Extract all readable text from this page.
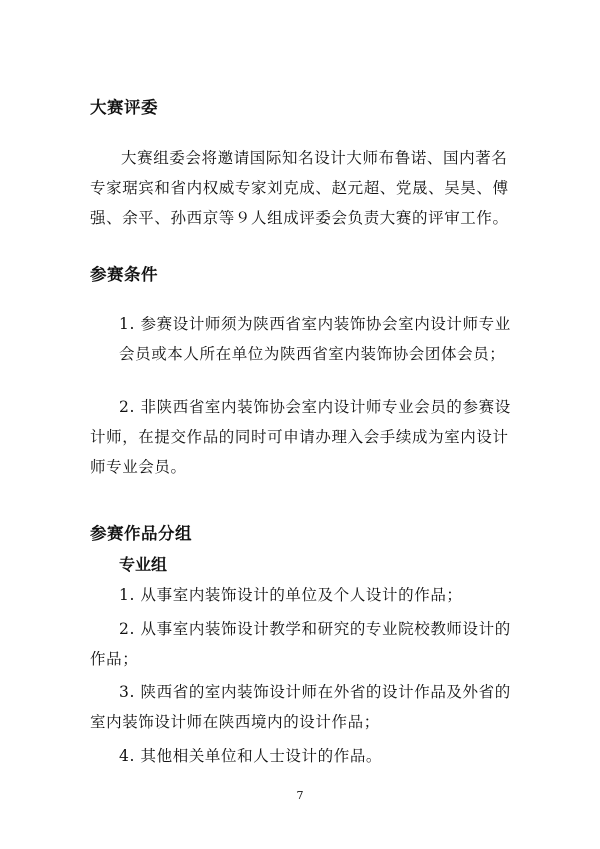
大赛评委

大赛组委会将邀请国际知名设计大师布鲁诺、国内著名专家琚宾和省内权威专家刘克成、赵元超、党晟、吴昊、傅强、余平、孙西京等９人组成评委会负责大赛的评审工作。

参赛条件

1. 参赛设计师须为陕西省室内装饰协会室内设计师专业会员或本人所在单位为陕西省室内装饰协会团体会员；

2. 非陕西省室内装饰协会室内设计师专业会员的参赛设计师，在提交作品的同时可申请办理入会手续成为室内设计师专业会员。

参赛作品分组
专业组

1. 从事室内装饰设计的单位及个人设计的作品；

2. 从事室内装饰设计教学和研究的专业院校教师设计的作品；

3. 陕西省的室内装饰设计师在外省的设计作品及外省的室内装饰设计师在陕西境内的设计作品；

4. 其他相关单位和人士设计的作品。

7
